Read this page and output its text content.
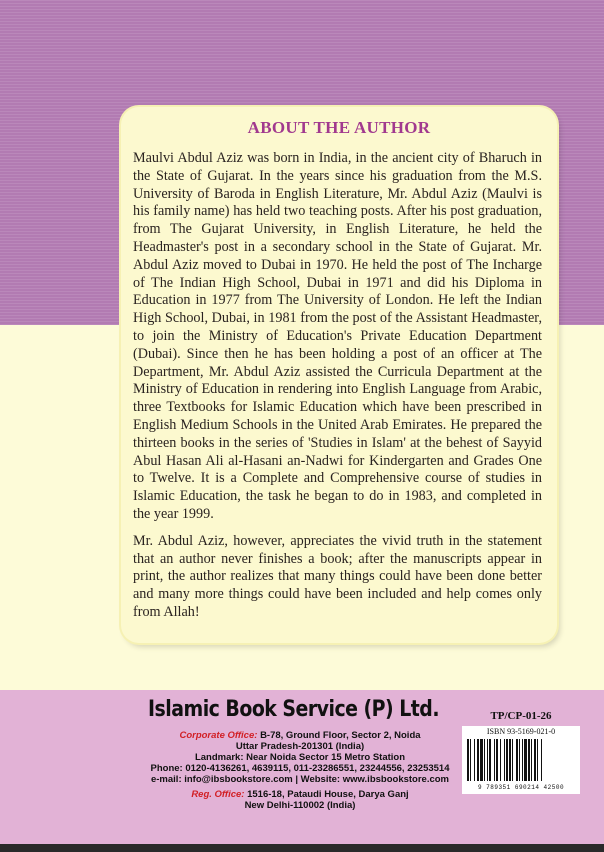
ABOUT THE AUTHOR

Maulvi Abdul Aziz was born in India, in the ancient city of Bharuch in the State of Gujarat. In the years since his graduation from the M.S. University of Baroda in English Literature, Mr. Abdul Aziz (Maulvi is his family name) has held two teaching posts. After his post graduation, from The Gujarat University, in English Literature, he held the Headmaster's post in a secondary school in the State of Gujarat. Mr. Abdul Aziz moved to Dubai in 1970. He held the post of The Incharge of The Indian High School, Dubai in 1971 and did his Diploma in Education in 1977 from The University of London. He left the Indian High School, Dubai, in 1981 from the post of the Assistant Headmaster, to join the Ministry of Education's Private Education Department (Dubai). Since then he has been holding a post of an officer at The Department, Mr. Abdul Aziz assisted the Curricula Department at the Ministry of Education in rendering into English Language from Arabic, three Textbooks for Islamic Education which have been prescribed in English Medium Schools in the United Arab Emirates. He prepared the thirteen books in the series of 'Studies in Islam' at the behest of Sayyid Abul Hasan Ali al-Hasani an-Nadwi for Kindergarten and Grades One to Twelve. It is a Complete and Comprehensive course of studies in Islamic Education, the task he began to do in 1983, and completed in the year 1999.

Mr. Abdul Aziz, however, appreciates the vivid truth in the statement that an author never finishes a book; after the manuscripts appear in print, the author realizes that many things could have been done better and many more things could have been included and help comes only from Allah!

Islamic Book Service (P) Ltd.
Corporate Office: B-78, Ground Floor, Sector 2, Noida
Uttar Pradesh-201301 (India)
Landmark: Near Noida Sector 15 Metro Station
Phone: 0120-4136261, 4639115, 011-23286551, 23244556, 23253514
e-mail: info@ibsbookstore.com | Website: www.ibsbookstore.com
Reg. Office: 1516-18, Pataudi House, Darya Ganj
New Delhi-110002 (India)
TP/CP-01-26
ISBN 93-5169-021-0
9 789351 690214 42500
